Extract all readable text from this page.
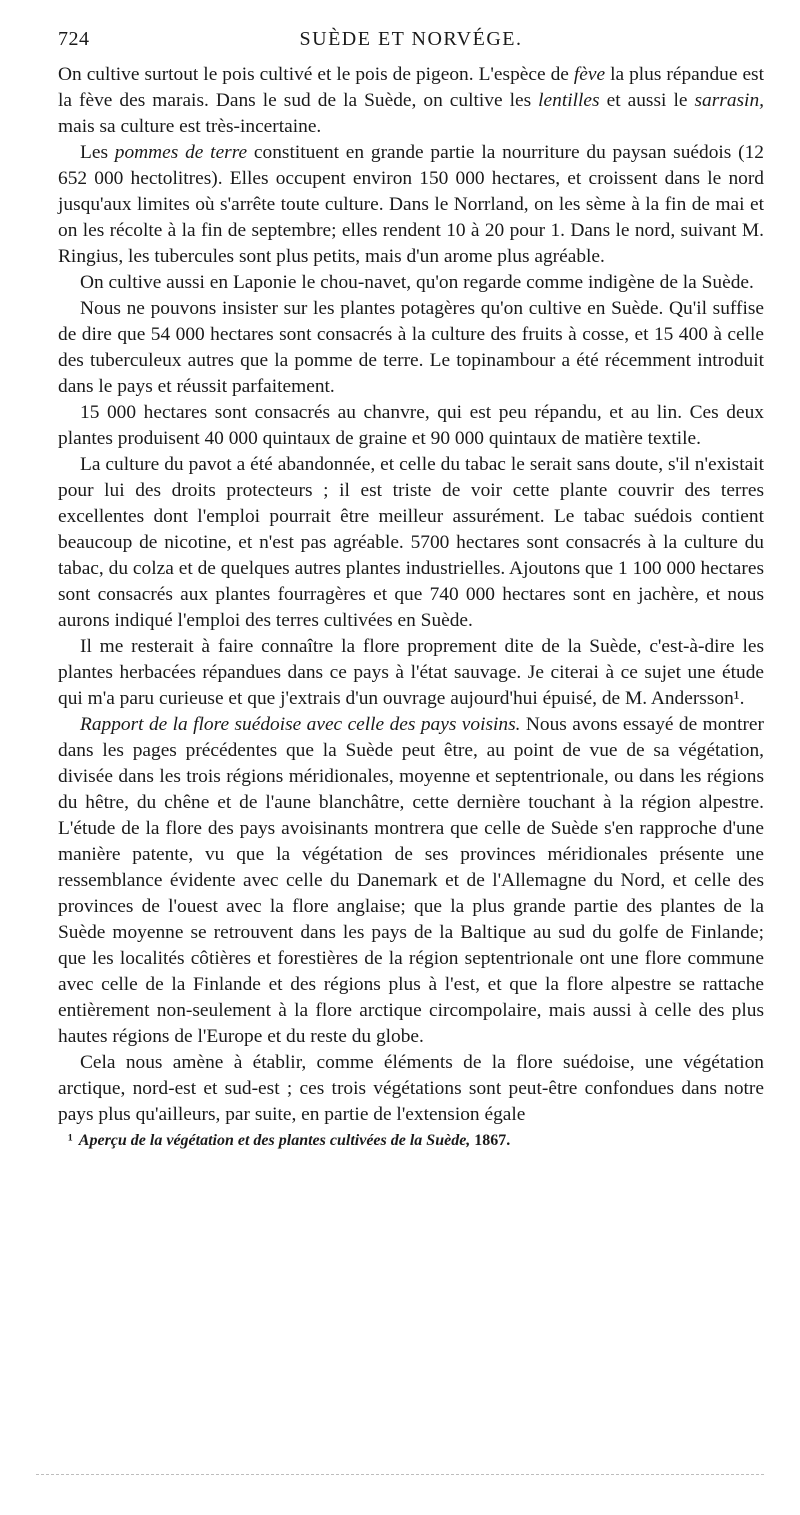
724	SUÈDE ET NORVÉGE.

On cultive surtout le pois cultivé et le pois de pigeon. L'espèce de fève la plus répandue est la fève des marais. Dans le sud de la Suède, on cultive les lentilles et aussi le sarrasin, mais sa culture est très-incertaine.

Les pommes de terre constituent en grande partie la nourriture du paysan suédois (12 652 000 hectolitres). Elles occupent environ 150 000 hectares, et croissent dans le nord jusqu'aux limites où s'arrête toute culture. Dans le Norrland, on les sème à la fin de mai et on les récolte à la fin de septembre; elles rendent 10 à 20 pour 1. Dans le nord, suivant M. Ringius, les tubercules sont plus petits, mais d'un arome plus agréable.

On cultive aussi en Laponie le chou-navet, qu'on regarde comme indigène de la Suède.

Nous ne pouvons insister sur les plantes potagères qu'on cultive en Suède. Qu'il suffise de dire que 54 000 hectares sont consacrés à la culture des fruits à cosse, et 15 400 à celle des tuberculeux autres que la pomme de terre. Le topinambour a été récemment introduit dans le pays et réussit parfaitement.

15 000 hectares sont consacrés au chanvre, qui est peu répandu, et au lin. Ces deux plantes produisent 40 000 quintaux de graine et 90 000 quintaux de matière textile.

La culture du pavot a été abandonnée, et celle du tabac le serait sans doute, s'il n'existait pour lui des droits protecteurs ; il est triste de voir cette plante couvrir des terres excellentes dont l'emploi pourrait être meilleur assurément. Le tabac suédois contient beaucoup de nicotine, et n'est pas agréable. 5700 hectares sont consacrés à la culture du tabac, du colza et de quelques autres plantes industrielles. Ajoutons que 1 100 000 hectares sont consacrés aux plantes fourragères et que 740 000 hectares sont en jachère, et nous aurons indiqué l'emploi des terres cultivées en Suède.

Il me resterait à faire connaître la flore proprement dite de la Suède, c'est-à-dire les plantes herbacées répandues dans ce pays à l'état sauvage. Je citerai à ce sujet une étude qui m'a paru curieuse et que j'extrais d'un ouvrage aujourd'hui épuisé, de M. Andersson¹.

Rapport de la flore suédoise avec celle des pays voisins. Nous avons essayé de montrer dans les pages précédentes que la Suède peut être, au point de vue de sa végétation, divisée dans les trois régions méridionales, moyenne et septentrionale, ou dans les régions du hêtre, du chêne et de l'aune blanchâtre, cette dernière touchant à la région alpestre. L'étude de la flore des pays avoisinants montrera que celle de Suède s'en rapproche d'une manière patente, vu que la végétation de ses provinces méridionales présente une ressemblance évidente avec celle du Danemark et de l'Allemagne du Nord, et celle des provinces de l'ouest avec la flore anglaise; que la plus grande partie des plantes de la Suède moyenne se retrouvent dans les pays de la Baltique au sud du golfe de Finlande; que les localités côtières et forestières de la région septentrionale ont une flore commune avec celle de la Finlande et des régions plus à l'est, et que la flore alpestre se rattache entièrement non-seulement à la flore arctique circompolaire, mais aussi à celle des plus hautes régions de l'Europe et du reste du globe.

Cela nous amène à établir, comme éléments de la flore suédoise, une végétation arctique, nord-est et sud-est ; ces trois végétations sont peut-être confondues dans notre pays plus qu'ailleurs, par suite, en partie de l'extension égale

¹ Aperçu de la végétation et des plantes cultivées de la Suède, 1867.
